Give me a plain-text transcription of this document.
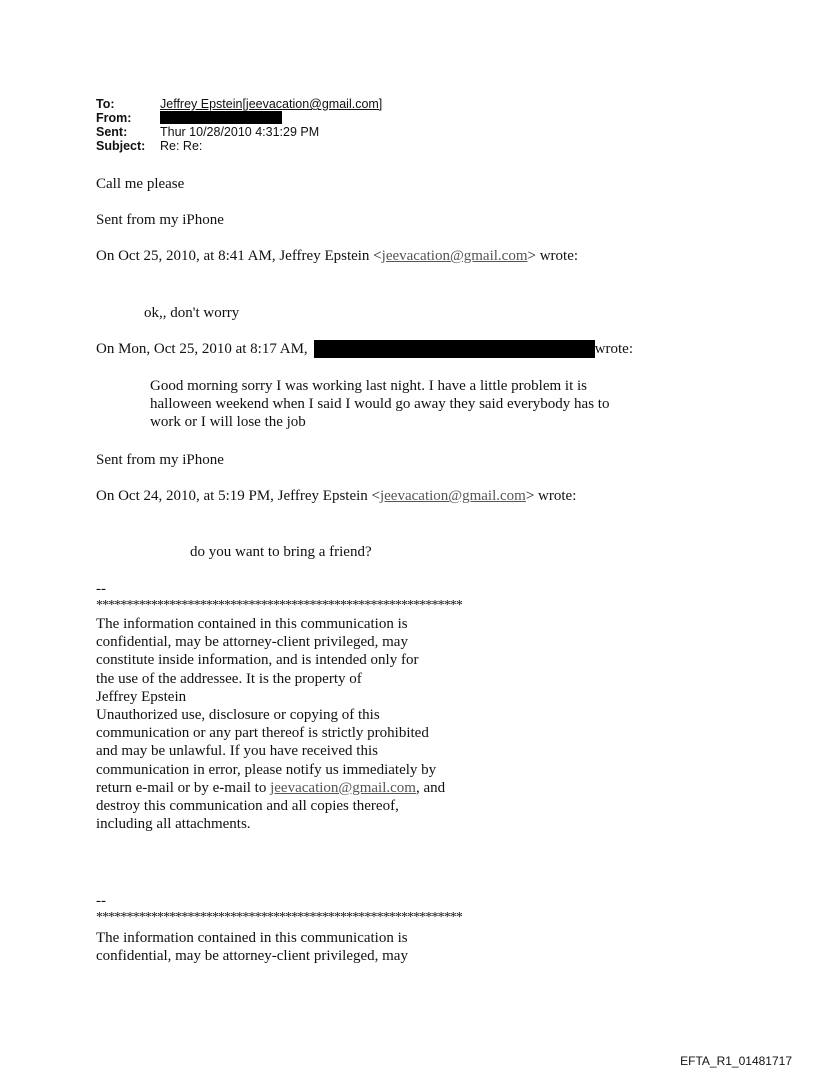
To:	Jeffrey Epstein[jeevacation@gmail.com]
From:
Sent:	Thur 10/28/2010 4:31:29 PM
Subject:	Re: Re:
Call me please
Sent from my iPhone
On Oct 25, 2010, at 8:41 AM, Jeffrey Epstein <jeevacation@gmail.com> wrote:
ok,, don't worry
On Mon, Oct 25, 2010 at 8:17 AM,	wrote:
Good morning sorry I was working last night. I have a little problem it is
halloween weekend when I said I would go away they said everybody has to
work or I will lose the job
Sent from my iPhone
On Oct 24, 2010, at 5:19 PM, Jeffrey Epstein <jeevacation@gmail.com> wrote:
do you want to bring a friend?
--
************************************************************
The information contained in this communication is
confidential, may be attorney-client privileged, may
constitute inside information, and is intended only for
the use of the addressee. It is the property of
Jeffrey Epstein
Unauthorized use, disclosure or copying of this
communication or any part thereof is strictly prohibited
and may be unlawful. If you have received this
communication in error, please notify us immediately by
return e-mail or by e-mail to jeevacation@gmail.com, and
destroy this communication and all copies thereof,
including all attachments.
--
************************************************************
The information contained in this communication is
confidential, may be attorney-client privileged, may
EFTA_R1_01481717
